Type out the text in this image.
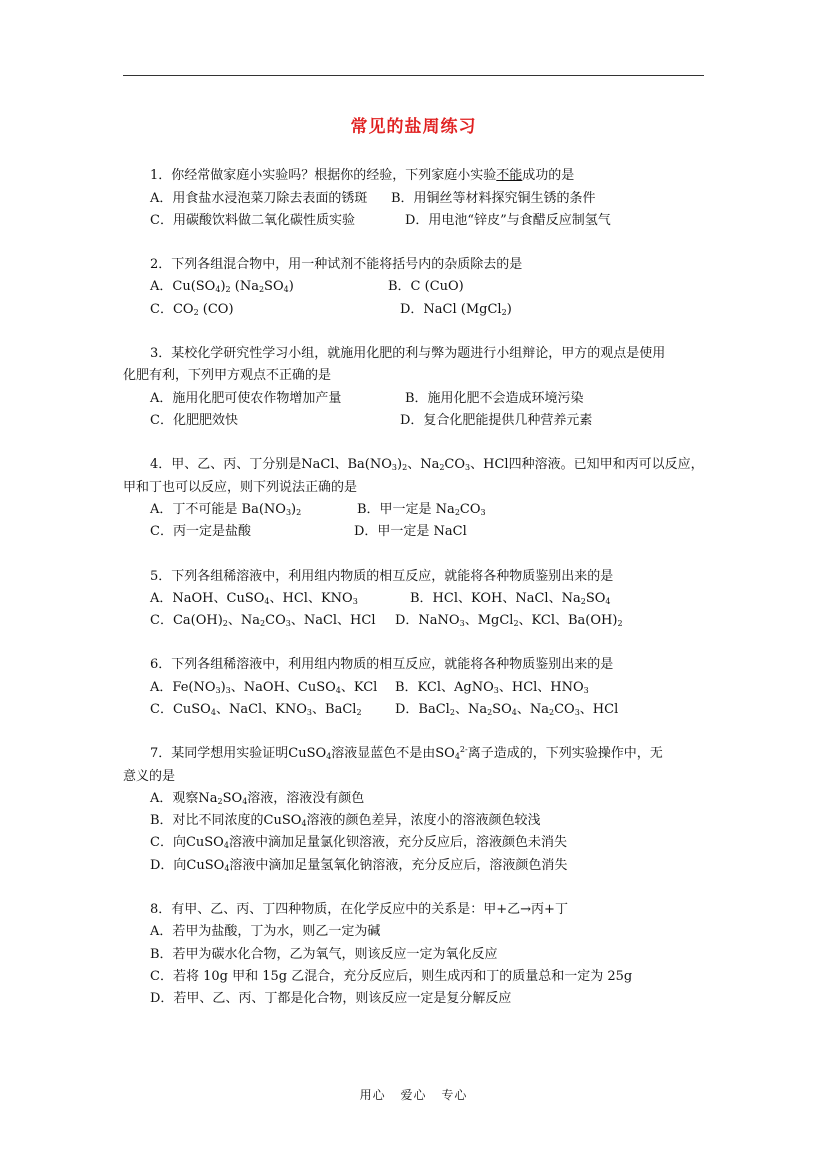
常见的盐周练习
1．你经常做家庭小实验吗？根据你的经验，下列家庭小实验不能成功的是
A．用食盐水浸泡菜刀除去表面的锈斑 B．用铜丝等材料探究铜生锈的条件
C．用碳酸饮料做二氧化碳性质实验	D．用电池“锌皮”与食醋反应制氢气
2．下列各组混合物中，用一种试剂不能将括号内的杂质除去的是
A．$Cu(SO_4)_2$ $(Na_2SO_4)$	B．C (CuO)
C．$CO_2$ (CO)	D．NaCl (MgCl$_2$)
3．某校化学研究性学习小组，就施用化肥的利与弊为题进行小组辩论，甲方的观点是使用
化肥有利，下列甲方观点不正确的是
A．施用化肥可使农作物增加产量	B．施用化肥不会造成环境污染
C．化肥肥效快	D．复合化肥能提供几种营养元素
4．甲、乙、丙、丁分别是NaCl、$Ba(NO_3)_2$、$Na_2CO_3$、HCl四种溶液。已知甲和丙可以反应，
甲和丁也可以反应，则下列说法正确的是
A．丁不可能是 $Ba(NO_3)_2$	B．甲一定是 $Na_2CO_3$
C．丙一定是盐酸	D．甲一定是 NaCl
5．下列各组稀溶液中，利用组内物质的相互反应，就能将各种物质鉴别出来的是
A．NaOH、CuSO$_4$、HCl、$KNO_3$	B．HCl、KOH、NaCl、$Na_2SO_4$
C．$Ca(OH)_2$、$Na_2CO_3$、NaCl、HCl D．NaNO$_3$、MgCl$_2$、KCl、$Ba(OH)_2$
6．下列各组稀溶液中，利用组内物质的相互反应，就能将各种物质鉴别出来的是
A．$Fe(NO_3)_3$、NaOH、CuSO$_4$、KCl B．KCl、AgNO$_3$、HCl、$HNO_3$
C．CuSO$_4$、NaCl、$KNO_3$、BaCl$_2$	D．BaCl$_2$、$Na_2SO_4$、$Na_2CO_3$、HCl
7．某同学想用实验证明CuSO$_4$溶液显蓝色不是由$SO_4^{2-}$离子造成的，下列实验操作中，无
意义的是
A．观察$Na_2SO_4$溶液，溶液没有颜色
B．对比不同浓度的CuSO$_4$溶液的颜色差异，浓度小的溶液颜色较浅
C．向CuSO$_4$溶液中滴加足量氯化钡溶液，充分反应后，溶液颜色未消失
D．向CuSO$_4$溶液中滴加足量氢氧化钠溶液，充分反应后，溶液颜色消失
8．有甲、乙、丙、丁四种物质，在化学反应中的关系是：甲+乙→丙+丁
A．若甲为盐酸，丁为水，则乙一定为碱
B．若甲为碳水化合物，乙为氧气，则该反应一定为氧化反应
C．若将 10g 甲和 15g 乙混合，充分反应后，则生成丙和丁的质量总和一定为 25g
D．若甲、乙、丙、丁都是化合物，则该反应一定是复分解反应
用心 爱心 专心
